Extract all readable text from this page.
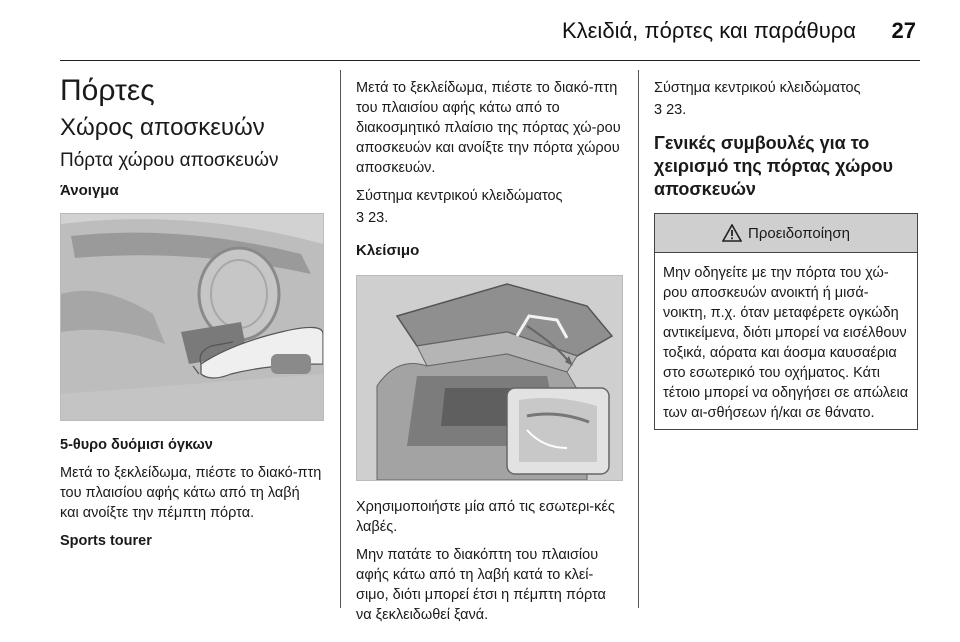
Κλειδιά, πόρτες και παράθυρα 27
Πόρτες
Χώρος αποσκευών
Πόρτα χώρου αποσκευών
Άνοιγμα
5-θυρο δυόμισι όγκων
Μετά το ξεκλείδωμα, πιέστε το διακό-πτη του πλαισίου αφής κάτω από τη λαβή και ανοίξτε την πέμπτη πόρτα.
Sports tourer
Μετά το ξεκλείδωμα, πιέστε το διακό-πτη του πλαισίου αφής κάτω από το διακοσμητικό πλαίσιο της πόρτας χώ-ρου αποσκευών και ανοίξτε την πόρτα χώρου αποσκευών.
Σύστημα κεντρικού κλειδώματος
3 23.
Κλείσιμο
Χρησιμοποιήστε μία από τις εσωτερι-κές λαβές.
Μην πατάτε το διακόπτη του πλαισίου αφής κάτω από τη λαβή κατά το κλεί-σιμο, διότι μπορεί έτσι η πέμπτη πόρτα να ξεκλειδωθεί ξανά.
Σύστημα κεντρικού κλειδώματος
3 23.
Γενικές συμβουλές για το χειρισμό της πόρτας χώρου αποσκευών
Προειδοποίηση
Μην οδηγείτε με την πόρτα του χώ-ρου αποσκευών ανοικτή ή μισά-νοικτη, π.χ. όταν μεταφέρετε ογκώδη αντικείμενα, διότι μπορεί να εισέλθουν τοξικά, αόρατα και άοσμα καυσαέρια στο εσωτερικό του οχήματος. Κάτι τέτοιο μπορεί να οδηγήσει σε απώλεια των αι-σθήσεων ή/και σε θάνατο.
